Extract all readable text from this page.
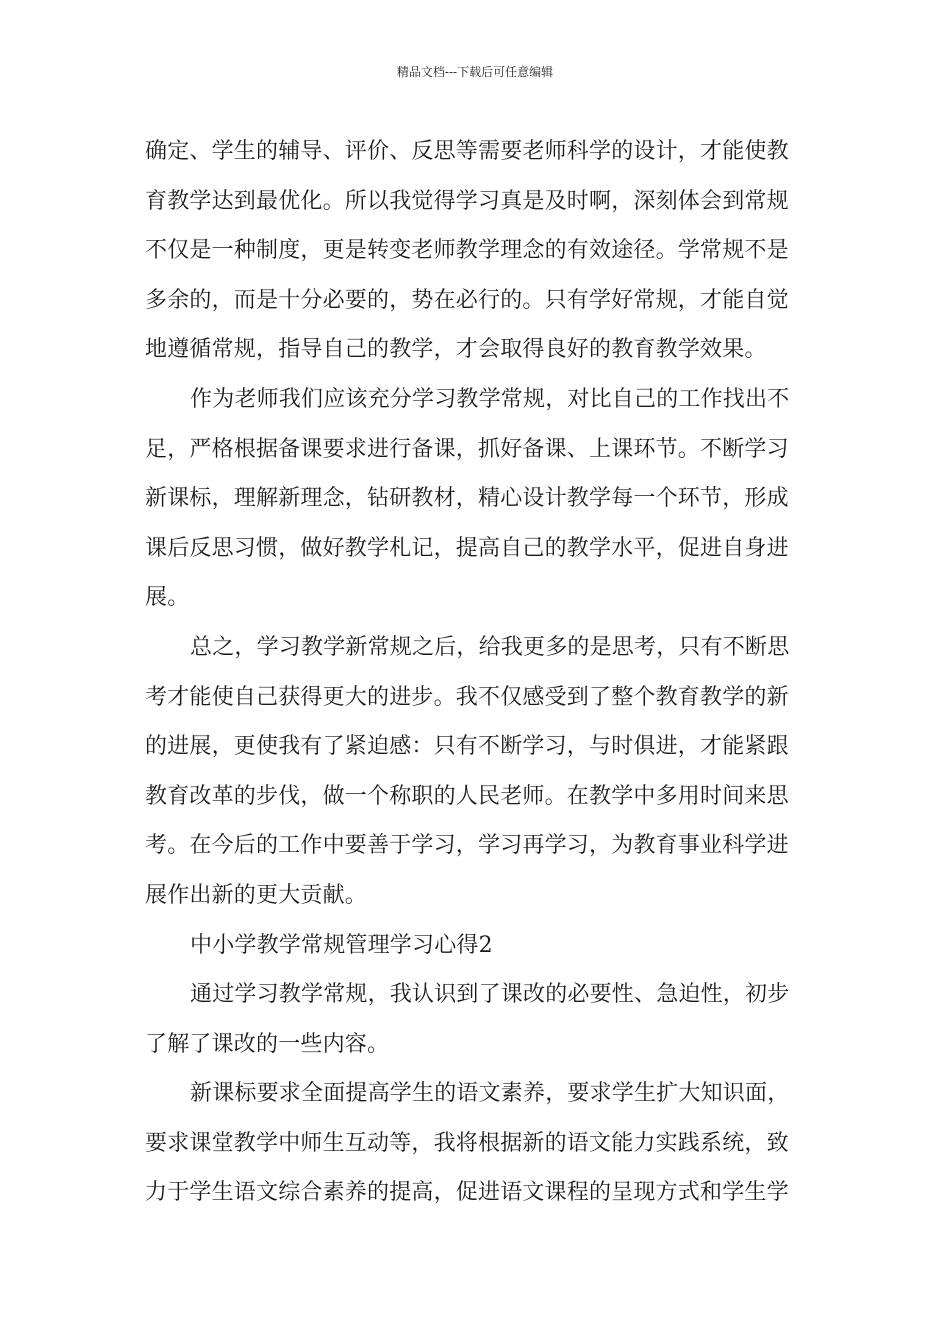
精品文档---下载后可任意编辑
确定、学生的辅导、评价、反思等需要老师科学的设计，才能使教
育教学达到最优化。所以我觉得学习真是及时啊，深刻体会到常规
不仅是一种制度，更是转变老师教学理念的有效途径。学常规不是
多余的，而是十分必要的，势在必行的。只有学好常规，才能自觉
地遵循常规，指导自己的教学，才会取得良好的教育教学效果。
作为老师我们应该充分学习教学常规，对比自己的工作找出不
足，严格根据备课要求进行备课，抓好备课、上课环节。不断学习
新课标，理解新理念，钻研教材，精心设计教学每一个环节，形成
课后反思习惯，做好教学札记，提高自己的教学水平，促进自身进
展。
总之，学习教学新常规之后，给我更多的是思考，只有不断思
考才能使自己获得更大的进步。我不仅感受到了整个教育教学的新
的进展，更使我有了紧迫感：只有不断学习，与时俱进，才能紧跟
教育改革的步伐，做一个称职的人民老师。在教学中多用时间来思
考。在今后的工作中要善于学习，学习再学习，为教育事业科学进
展作出新的更大贡献。
中小学教学常规管理学习心得2
通过学习教学常规，我认识到了课改的必要性、急迫性，初步
了解了课改的一些内容。
新课标要求全面提高学生的语文素养，要求学生扩大知识面，
要求课堂教学中师生互动等，我将根据新的语文能力实践系统，致
力于学生语文综合素养的提高，促进语文课程的呈现方式和学生学
